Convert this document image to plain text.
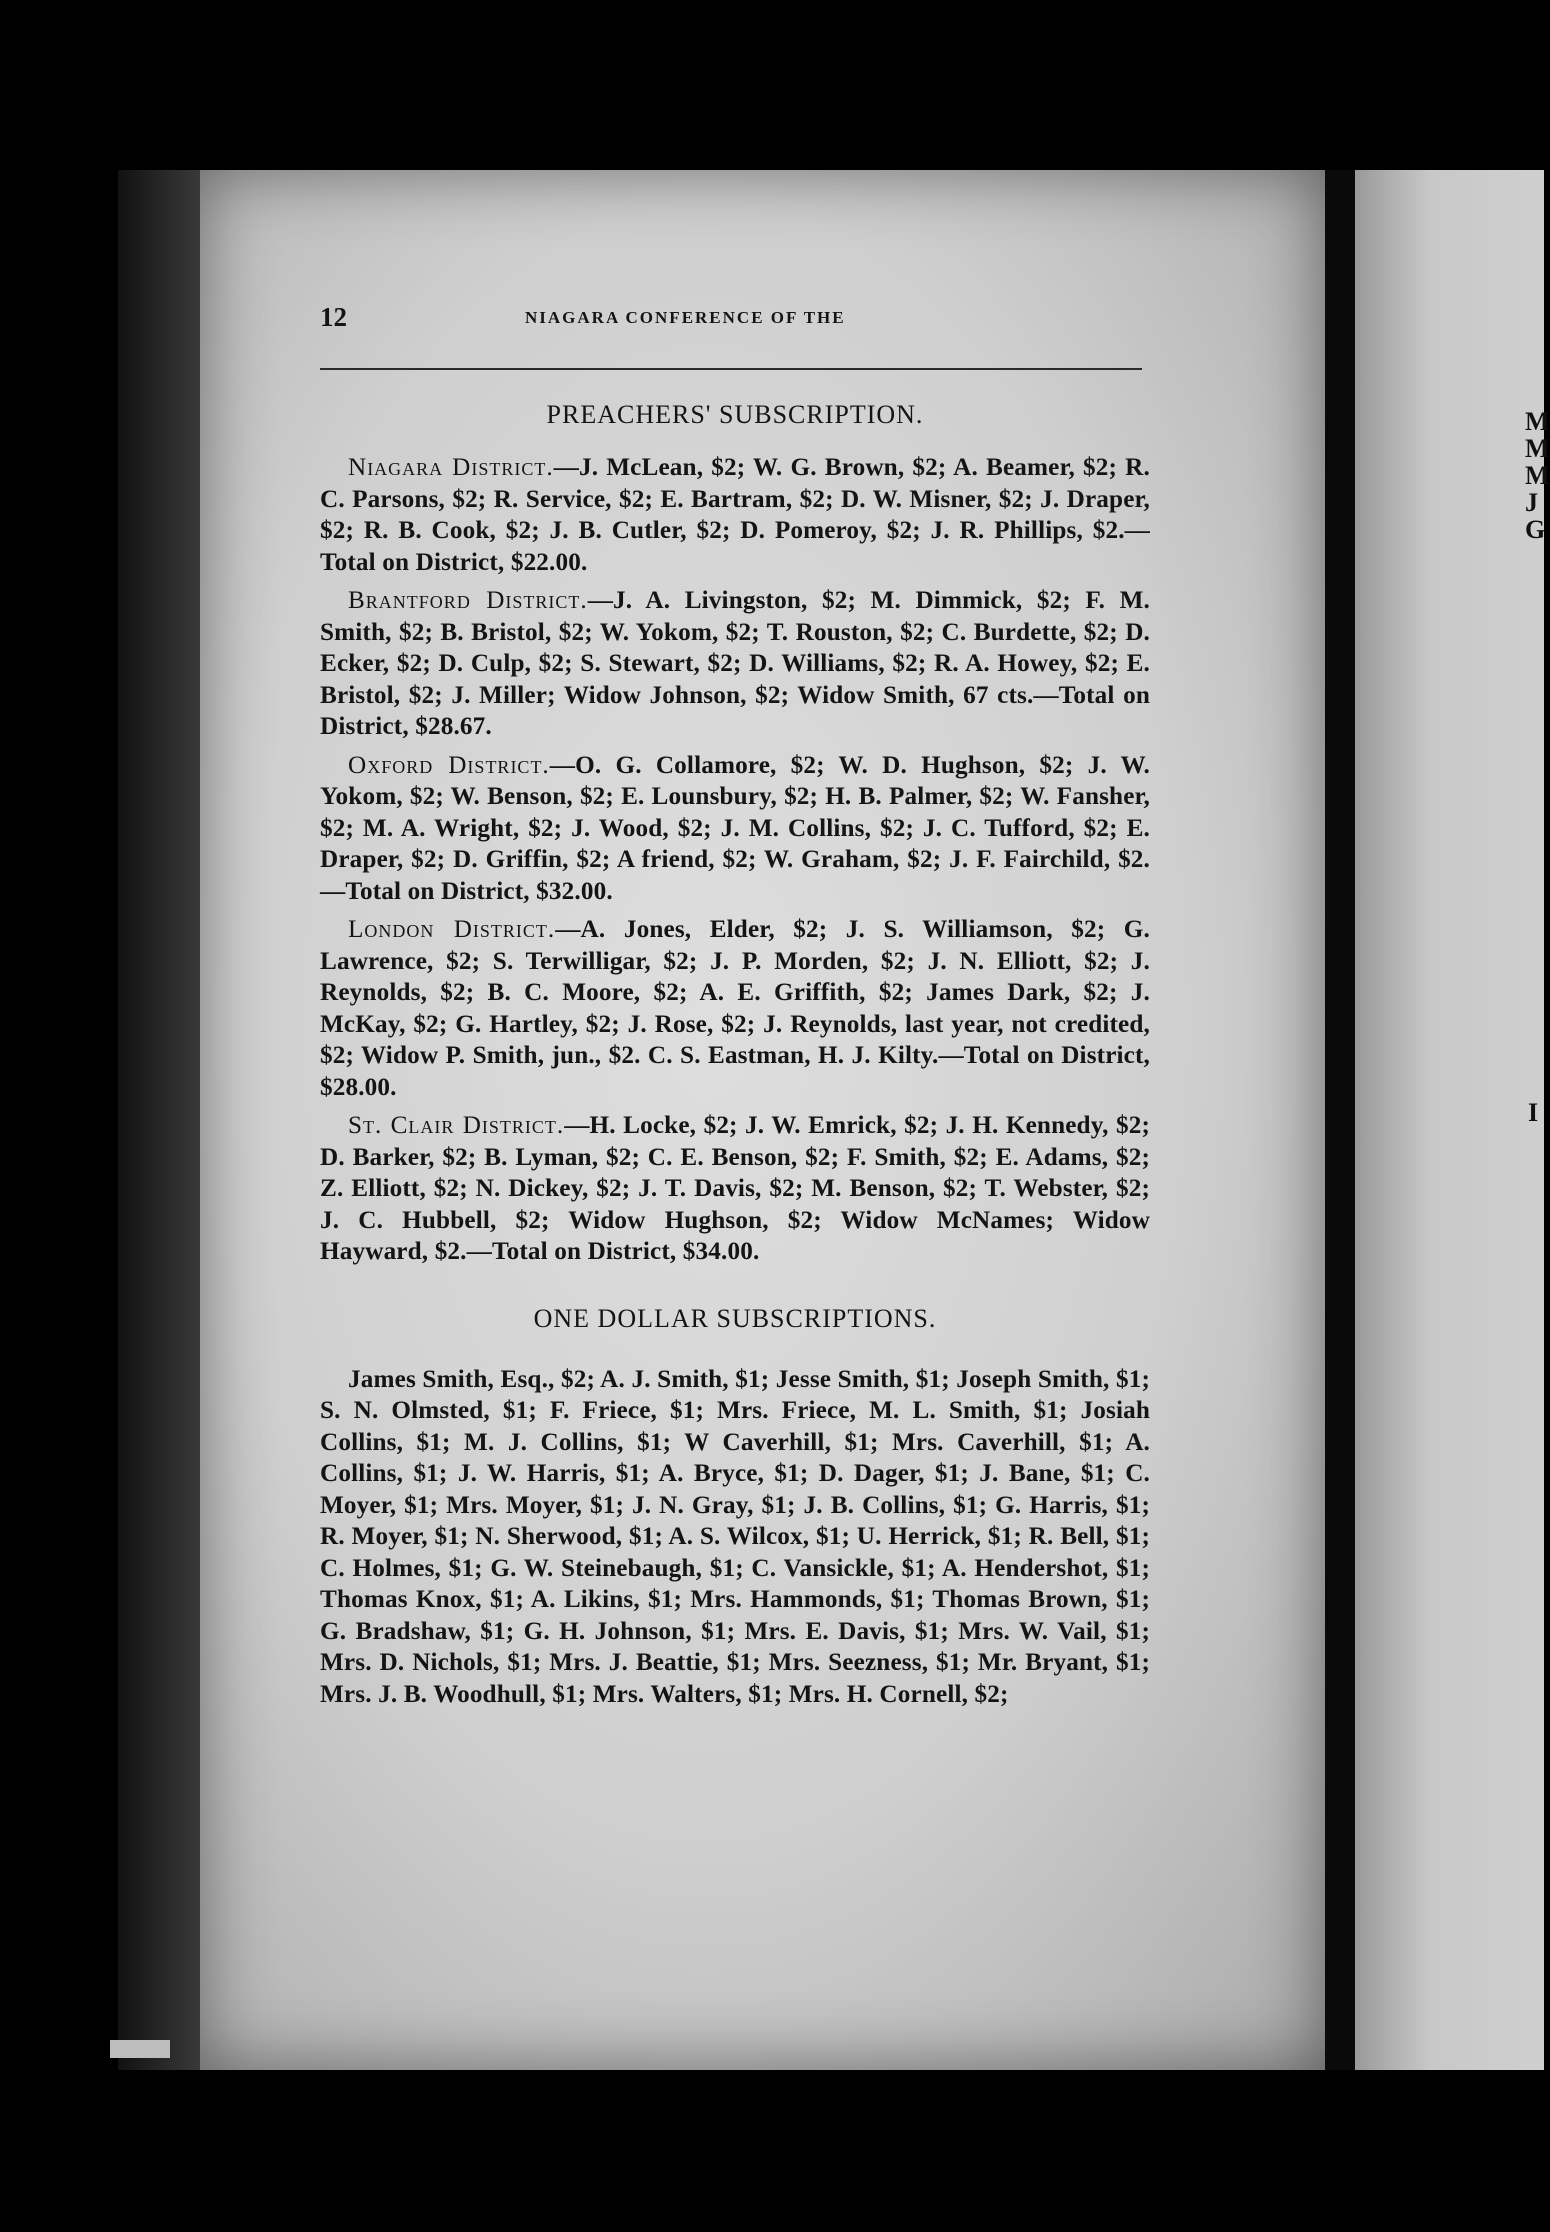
M
M
M
J
G
I
12	NIAGARA CONFERENCE OF THE
PREACHERS' SUBSCRIPTION.

Niagara District.—J. McLean, $2; W. G. Brown, $2; A. Beamer, $2; R. C. Parsons, $2; R. Service, $2; E. Bartram, $2; D. W. Misner, $2; J. Draper, $2; R. B. Cook, $2; J. B. Cutler, $2; D. Pomeroy, $2; J. R. Phillips, $2.—Total on District, $22.00.

Brantford District.—J. A. Livingston, $2; M. Dimmick, $2; F. M. Smith, $2; B. Bristol, $2; W. Yokom, $2; T. Rouston, $2; C. Burdette, $2; D. Ecker, $2; D. Culp, $2; S. Stewart, $2; D. Williams, $2; R. A. Howey, $2; E. Bristol, $2; J. Miller; Widow Johnson, $2; Widow Smith, 67 cts.—Total on District, $28.67.

Oxford District.—O. G. Collamore, $2; W. D. Hughson, $2; J. W. Yokom, $2; W. Benson, $2; E. Lounsbury, $2; H. B. Palmer, $2; W. Fansher, $2; M. A. Wright, $2; J. Wood, $2; J. M. Collins, $2; J. C. Tufford, $2; E. Draper, $2; D. Griffin, $2; A friend, $2; W. Graham, $2; J. F. Fairchild, $2.—Total on District, $32.00.

London District.—A. Jones, Elder, $2; J. S. Williamson, $2; G. Lawrence, $2; S. Terwilligar, $2; J. P. Morden, $2; J. N. Elliott, $2; J. Reynolds, $2; B. C. Moore, $2; A. E. Griffith, $2; James Dark, $2; J. McKay, $2; G. Hartley, $2; J. Rose, $2; J. Reynolds, last year, not credited, $2; Widow P. Smith, jun., $2. C. S. Eastman, H. J. Kilty.—Total on District, $28.00.

St. Clair District.—H. Locke, $2; J. W. Emrick, $2; J. H. Kennedy, $2; D. Barker, $2; B. Lyman, $2; C. E. Benson, $2; F. Smith, $2; E. Adams, $2; Z. Elliott, $2; N. Dickey, $2; J. T. Davis, $2; M. Benson, $2; T. Webster, $2; J. C. Hubbell, $2; Widow Hughson, $2; Widow McNames; Widow Hayward, $2.—Total on District, $34.00.

ONE DOLLAR SUBSCRIPTIONS.

James Smith, Esq., $2; A. J. Smith, $1; Jesse Smith, $1; Joseph Smith, $1; S. N. Olmsted, $1; F. Friece, $1; Mrs. Friece, M. L. Smith, $1; Josiah Collins, $1; M. J. Collins, $1; W Caverhill, $1; Mrs. Caverhill, $1; A. Collins, $1; J. W. Harris, $1; A. Bryce, $1; D. Dager, $1; J. Bane, $1; C. Moyer, $1; Mrs. Moyer, $1; J. N. Gray, $1; J. B. Collins, $1; G. Harris, $1; R. Moyer, $1; N. Sherwood, $1; A. S. Wilcox, $1; U. Herrick, $1; R. Bell, $1; C. Holmes, $1; G. W. Steinebaugh, $1; C. Vansickle, $1; A. Hendershot, $1; Thomas Knox, $1; A. Likins, $1; Mrs. Hammonds, $1; Thomas Brown, $1; G. Bradshaw, $1; G. H. Johnson, $1; Mrs. E. Davis, $1; Mrs. W. Vail, $1; Mrs. D. Nichols, $1; Mrs. J. Beattie, $1; Mrs. Seezness, $1; Mr. Bryant, $1; Mrs. J. B. Woodhull, $1; Mrs. Walters, $1; Mrs. H. Cornell, $2;
